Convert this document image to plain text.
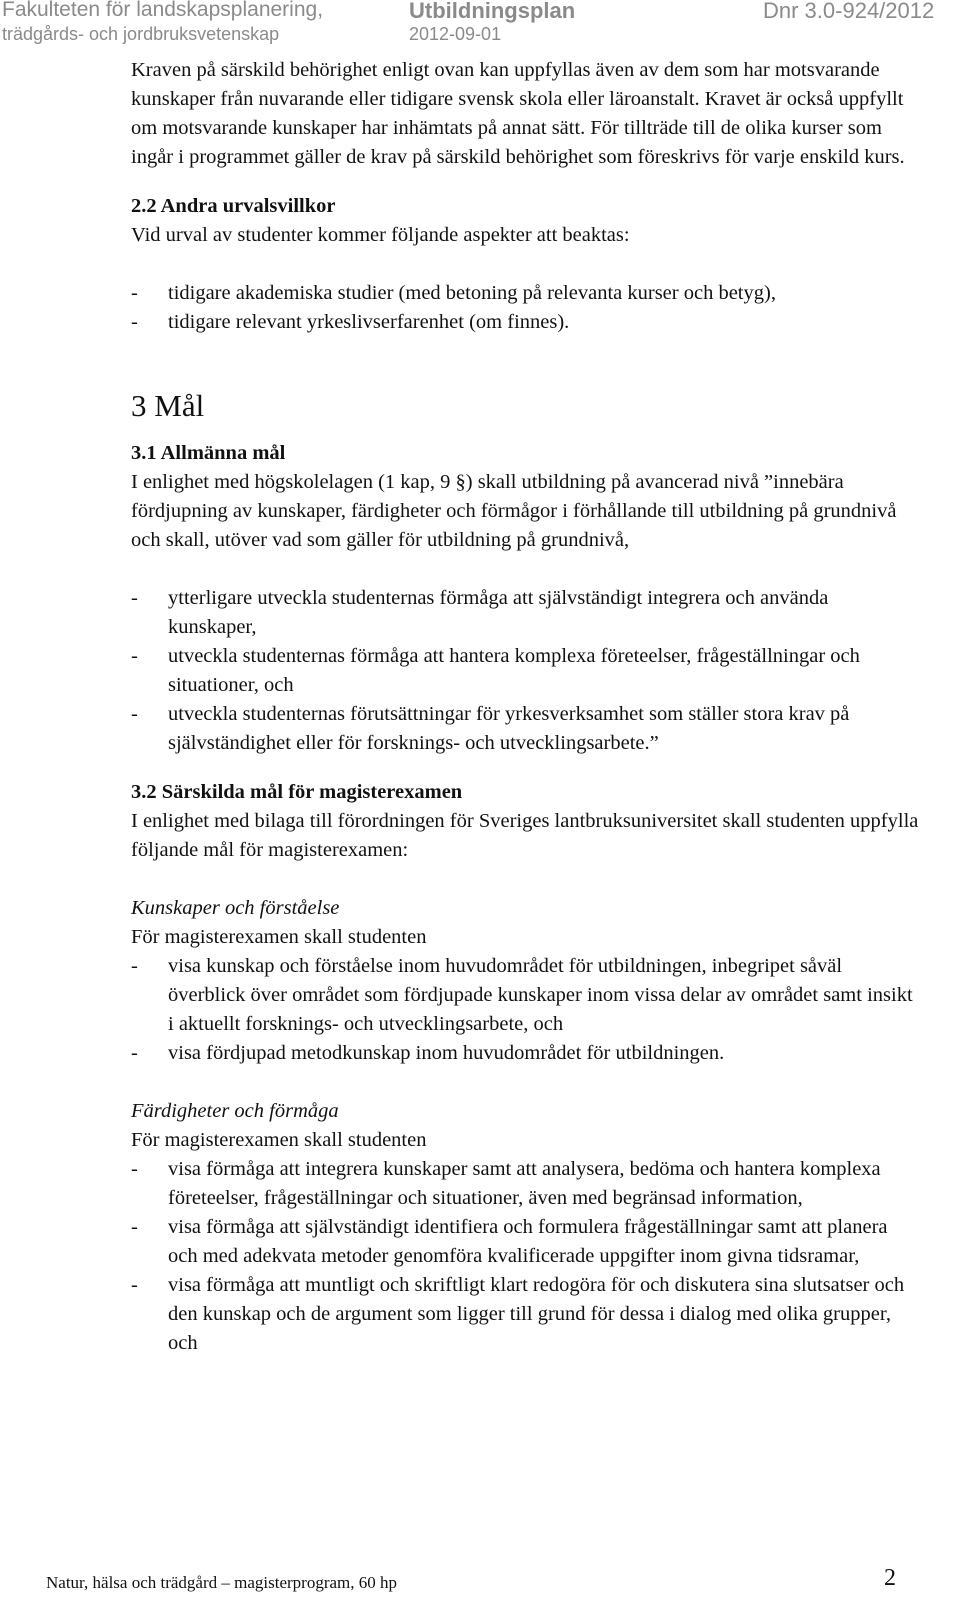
Fakulteten för landskapsplanering,
trädgårds- och jordbruksvetenskap
Utbildningsplan
2012-09-01
Dnr 3.0-924/2012

Kraven på särskild behörighet enligt ovan kan uppfyllas även av dem som har motsvarande kunskaper från nuvarande eller tidigare svensk skola eller läroanstalt. Kravet är också uppfyllt om motsvarande kunskaper har inhämtats på annat sätt. För tillträde till de olika kurser som ingår i programmet gäller de krav på särskild behörighet som föreskrivs för varje enskild kurs.

2.2 Andra urvalsvillkor

Vid urval av studenter kommer följande aspekter att beaktas:

- tidigare akademiska studier (med betoning på relevanta kurser och betyg),
- tidigare relevant yrkeslivserfarenhet (om finnes).
3 Mål
3.1 Allmänna mål

I enlighet med högskolelagen (1 kap, 9 §) skall utbildning på avancerad nivå ”innebära fördjupning av kunskaper, färdigheter och förmågor i förhållande till utbildning på grundnivå och skall, utöver vad som gäller för utbildning på grundnivå,

- ytterligare utveckla studenternas förmåga att självständigt integrera och använda kunskaper,
- utveckla studenternas förmåga att hantera komplexa företeelser, frågeställningar och situationer, och
- utveckla studenternas förutsättningar för yrkesverksamhet som ställer stora krav på självständighet eller för forsknings- och utvecklingsarbete.”
3.2 Särskilda mål för magisterexamen

I enlighet med bilaga till förordningen för Sveriges lantbruksuniversitet skall studenten uppfylla följande mål för magisterexamen:

Kunskaper och förståelse

För magisterexamen skall studenten

- visa kunskap och förståelse inom huvudområdet för utbildningen, inbegripet såväl överblick över området som fördjupade kunskaper inom vissa delar av området samt insikt i aktuellt forsknings- och utvecklingsarbete, och
- visa fördjupad metodkunskap inom huvudområdet för utbildningen.

Färdigheter och förmåga

För magisterexamen skall studenten

- visa förmåga att integrera kunskaper samt att analysera, bedöma och hantera komplexa företeelser, frågeställningar och situationer, även med begränsad information,
- visa förmåga att självständigt identifiera och formulera frågeställningar samt att planera och med adekvata metoder genomföra kvalificerade uppgifter inom givna tidsramar,
- visa förmåga att muntligt och skriftligt klart redogöra för och diskutera sina slutsatser och den kunskap och de argument som ligger till grund för dessa i dialog med olika grupper, och
Natur, hälsa och trädgård – magisterprogram, 60 hp	2
